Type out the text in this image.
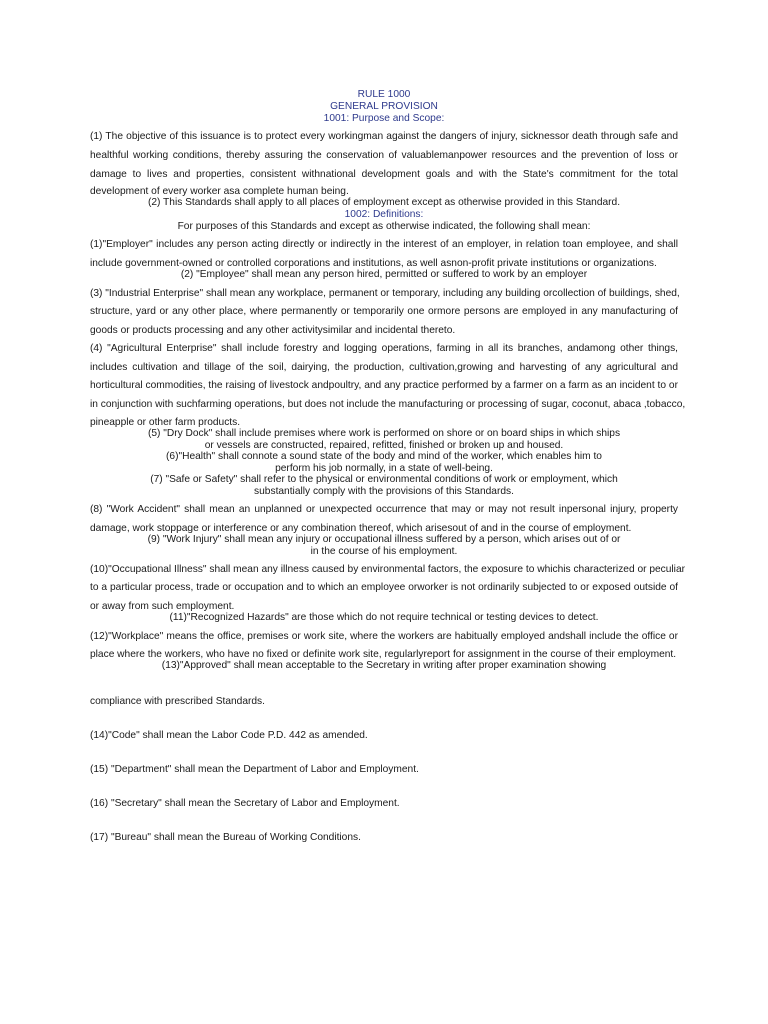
RULE 1000
GENERAL PROVISION
1001: Purpose and Scope:
(1) The objective of this issuance is to protect every workingman against the dangers of injury, sicknessor death through safe and
healthful working conditions, thereby assuring the conservation of valuablemanpower resources and the prevention of loss or
damage to lives and properties, consistent withnational development goals and with the State's commitment for the total
development of every worker asa complete human being.
(2) This Standards shall apply to all places of employment except as otherwise provided in this Standard.
1002: Definitions:
For purposes of this Standards and except as otherwise indicated, the following shall mean:
(1)"Employer" includes any person acting directly or indirectly in the interest of an employer, in relation toan employee, and shall
include government-owned or controlled corporations and institutions, as well asnon-profit private institutions or organizations.
(2) "Employee" shall mean any person hired, permitted or suffered to work by an employer
(3) "Industrial Enterprise" shall mean any workplace, permanent or temporary, including any building orcollection of buildings, shed,
structure, yard or any other place, where permanently or temporarily one ormore persons are employed in any manufacturing of
goods or products processing and any other activitysimilar and incidental thereto.
(4) "Agricultural Enterprise" shall include forestry and logging operations, farming in all its branches, andamong other things,
includes cultivation and tillage of the soil, dairying, the production, cultivation,growing and harvesting of any agricultural and
horticultural commodities, the raising of livestock andpoultry, and any practice performed by a farmer on a farm as an incident to or
in conjunction with suchfarming operations, but does not include the manufacturing or processing of sugar, coconut, abaca ,tobacco,
pineapple or other farm products.
(5) "Dry Dock" shall include premises where work is performed on shore or on board ships in which ships
or vessels are constructed, repaired, refitted, finished or broken up and housed.
(6)"Health" shall connote a sound state of the body and mind of the worker, which enables him to
perform his job normally, in a state of well-being.
(7) "Safe or Safety" shall refer to the physical or environmental conditions of work or employment, which
substantially comply with the provisions of this Standards.
(8) "Work Accident" shall mean an unplanned or unexpected occurrence that may or may not result inpersonal injury, property
damage, work stoppage or interference or any combination thereof, which arisesout of and in the course of employment.
(9) "Work Injury" shall mean any injury or occupational illness suffered by a person, which arises out of or
in the course of his employment.
(10)"Occupational Illness" shall mean any illness caused by environmental factors, the exposure to whichis characterized or peculiar
to a particular process, trade or occupation and to which an employee orworker is not ordinarily subjected to or exposed outside of
or away from such employment.
(11)"Recognized Hazards" are those which do not require technical or testing devices to detect.
(12)"Workplace" means the office, premises or work site, where the workers are habitually employed andshall include the office or
place where the workers, who have no fixed or definite work site, regularlyreport for assignment in the course of their employment.
(13)"Approved" shall mean acceptable to the Secretary in writing after proper examination showing
compliance with prescribed Standards.
(14)"Code" shall mean the Labor Code P.D. 442 as amended.
(15) "Department" shall mean the Department of Labor and Employment.
(16) "Secretary" shall mean the Secretary of Labor and Employment.
(17) "Bureau" shall mean the Bureau of Working Conditions.
